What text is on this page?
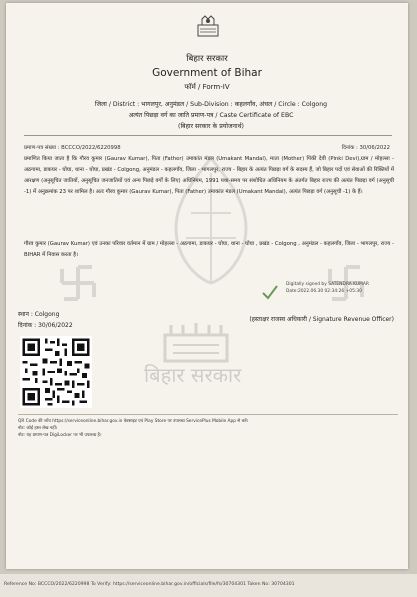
बिहार सरकार
Government of Bihar
फॉर्म / Form-IV
जिला / District : भागलपुर, अनुमंडल / Sub-Division : कहलगाँव, अंचल / Circle : Colgong
अत्यंत पिछड़ा वर्ग का जाति प्रमाण-पत्र / Caste Certificate of EBC
(बिहार सरकार के प्रयोजनार्थ)
प्रमाण-पत्र संख्या : BCCCO/2022/6220998	दिनांक : 30/06/2022
प्रमाणित किया जाता है कि गौरव कुमार (Gaurav Kumar), पिता (Father) उमाकांत मंडल (Umakant Mandal), माता (Mother) पिंकी देवी (Pinki Devi),ग्राम / मोहल्ला - अठगामा, डाकघर - घोघा, थाना - घोघा, प्रखंड - Colgong, अनुमंडल - कहलगाँव, जिला - भागलपुर, राज्य - बिहार के अत्यंत पिछड़ा वर्ग के सदस्य हैं, जो बिहार पदों एवं सेवाओं की रिक्तियों में आरक्षण (अनुसूचित जातियों, अनुसूचित जनजातियों एवं अन्य पिछड़े वर्गों के लिए) अधिनियम, 1991 यथा-समय पर संशोधित अधिनियम के अंतर्गत बिहार राज्य की अत्यंत पिछड़ा वर्ग (अनुसूची -1) में अनुक्रमांक 23 पर शामिल है। अतः गौरव कुमार (Gaurav Kumar), पिता (Father) उमाकांत मंडल (Umakant Mandal), अत्यंत पिछड़ा वर्ग (अनुसूची -1) के हैं।
गौरव कुमार (Gaurav Kumar) एवं उनका परिवार वर्तमान में ग्राम / मोहल्ला - अठगामा, डाकघर - घोघा, थाना - घोघा , प्रखंड - Colgong , अनुमंडल - कहलगाँव, जिला - भागलपुर, राज्य - BIHAR में निवास करता है।
Digitally signed by SATENDRA KUMAR
Date:2022.06.30 02:34:26 +05:30
स्थान : Colgong
दिनांक : 30/06/2022
(हस्ताक्षर राजस्व अधिकारी / Signature Revenue Officer)
बिहार सरकार
QR Code की जाँच https://serviceonline.bihar.gov.in वेबसाइट एवं Play Store पर उपलब्ध ServicePlus Mobile App से करें।
नोट: कोई हस्त लेख नहीं।
नोट: यह प्रमाण-पत्र DigiLocker पर भी उपलब्ध है।
Reference No: BCCCO/2022/6220998 To Verify: https://serviceonline.bihar.gov.in/officials/file/fs/30704301 Token No: 30704301
